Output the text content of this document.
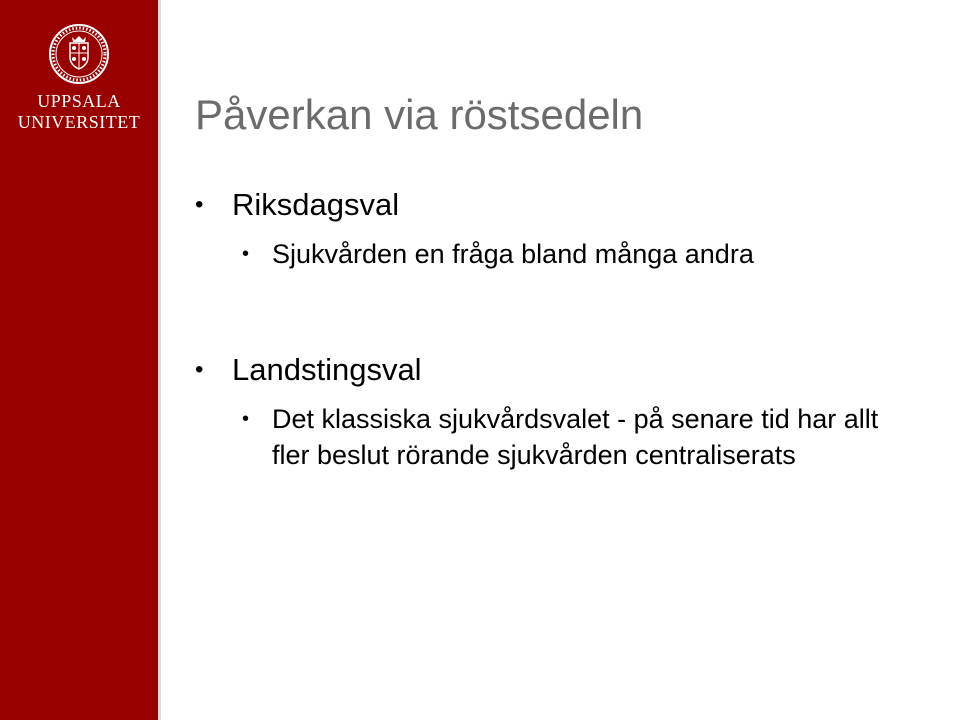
UPPSALA
UNIVERSITET	Påverkan via röstsedeln
• Riksdagsval
• Sjukvården en fråga bland många andra
• Landstingsval
• Det klassiska sjukvårdsvalet - på senare tid har allt fler beslut rörande sjukvården centraliserats
